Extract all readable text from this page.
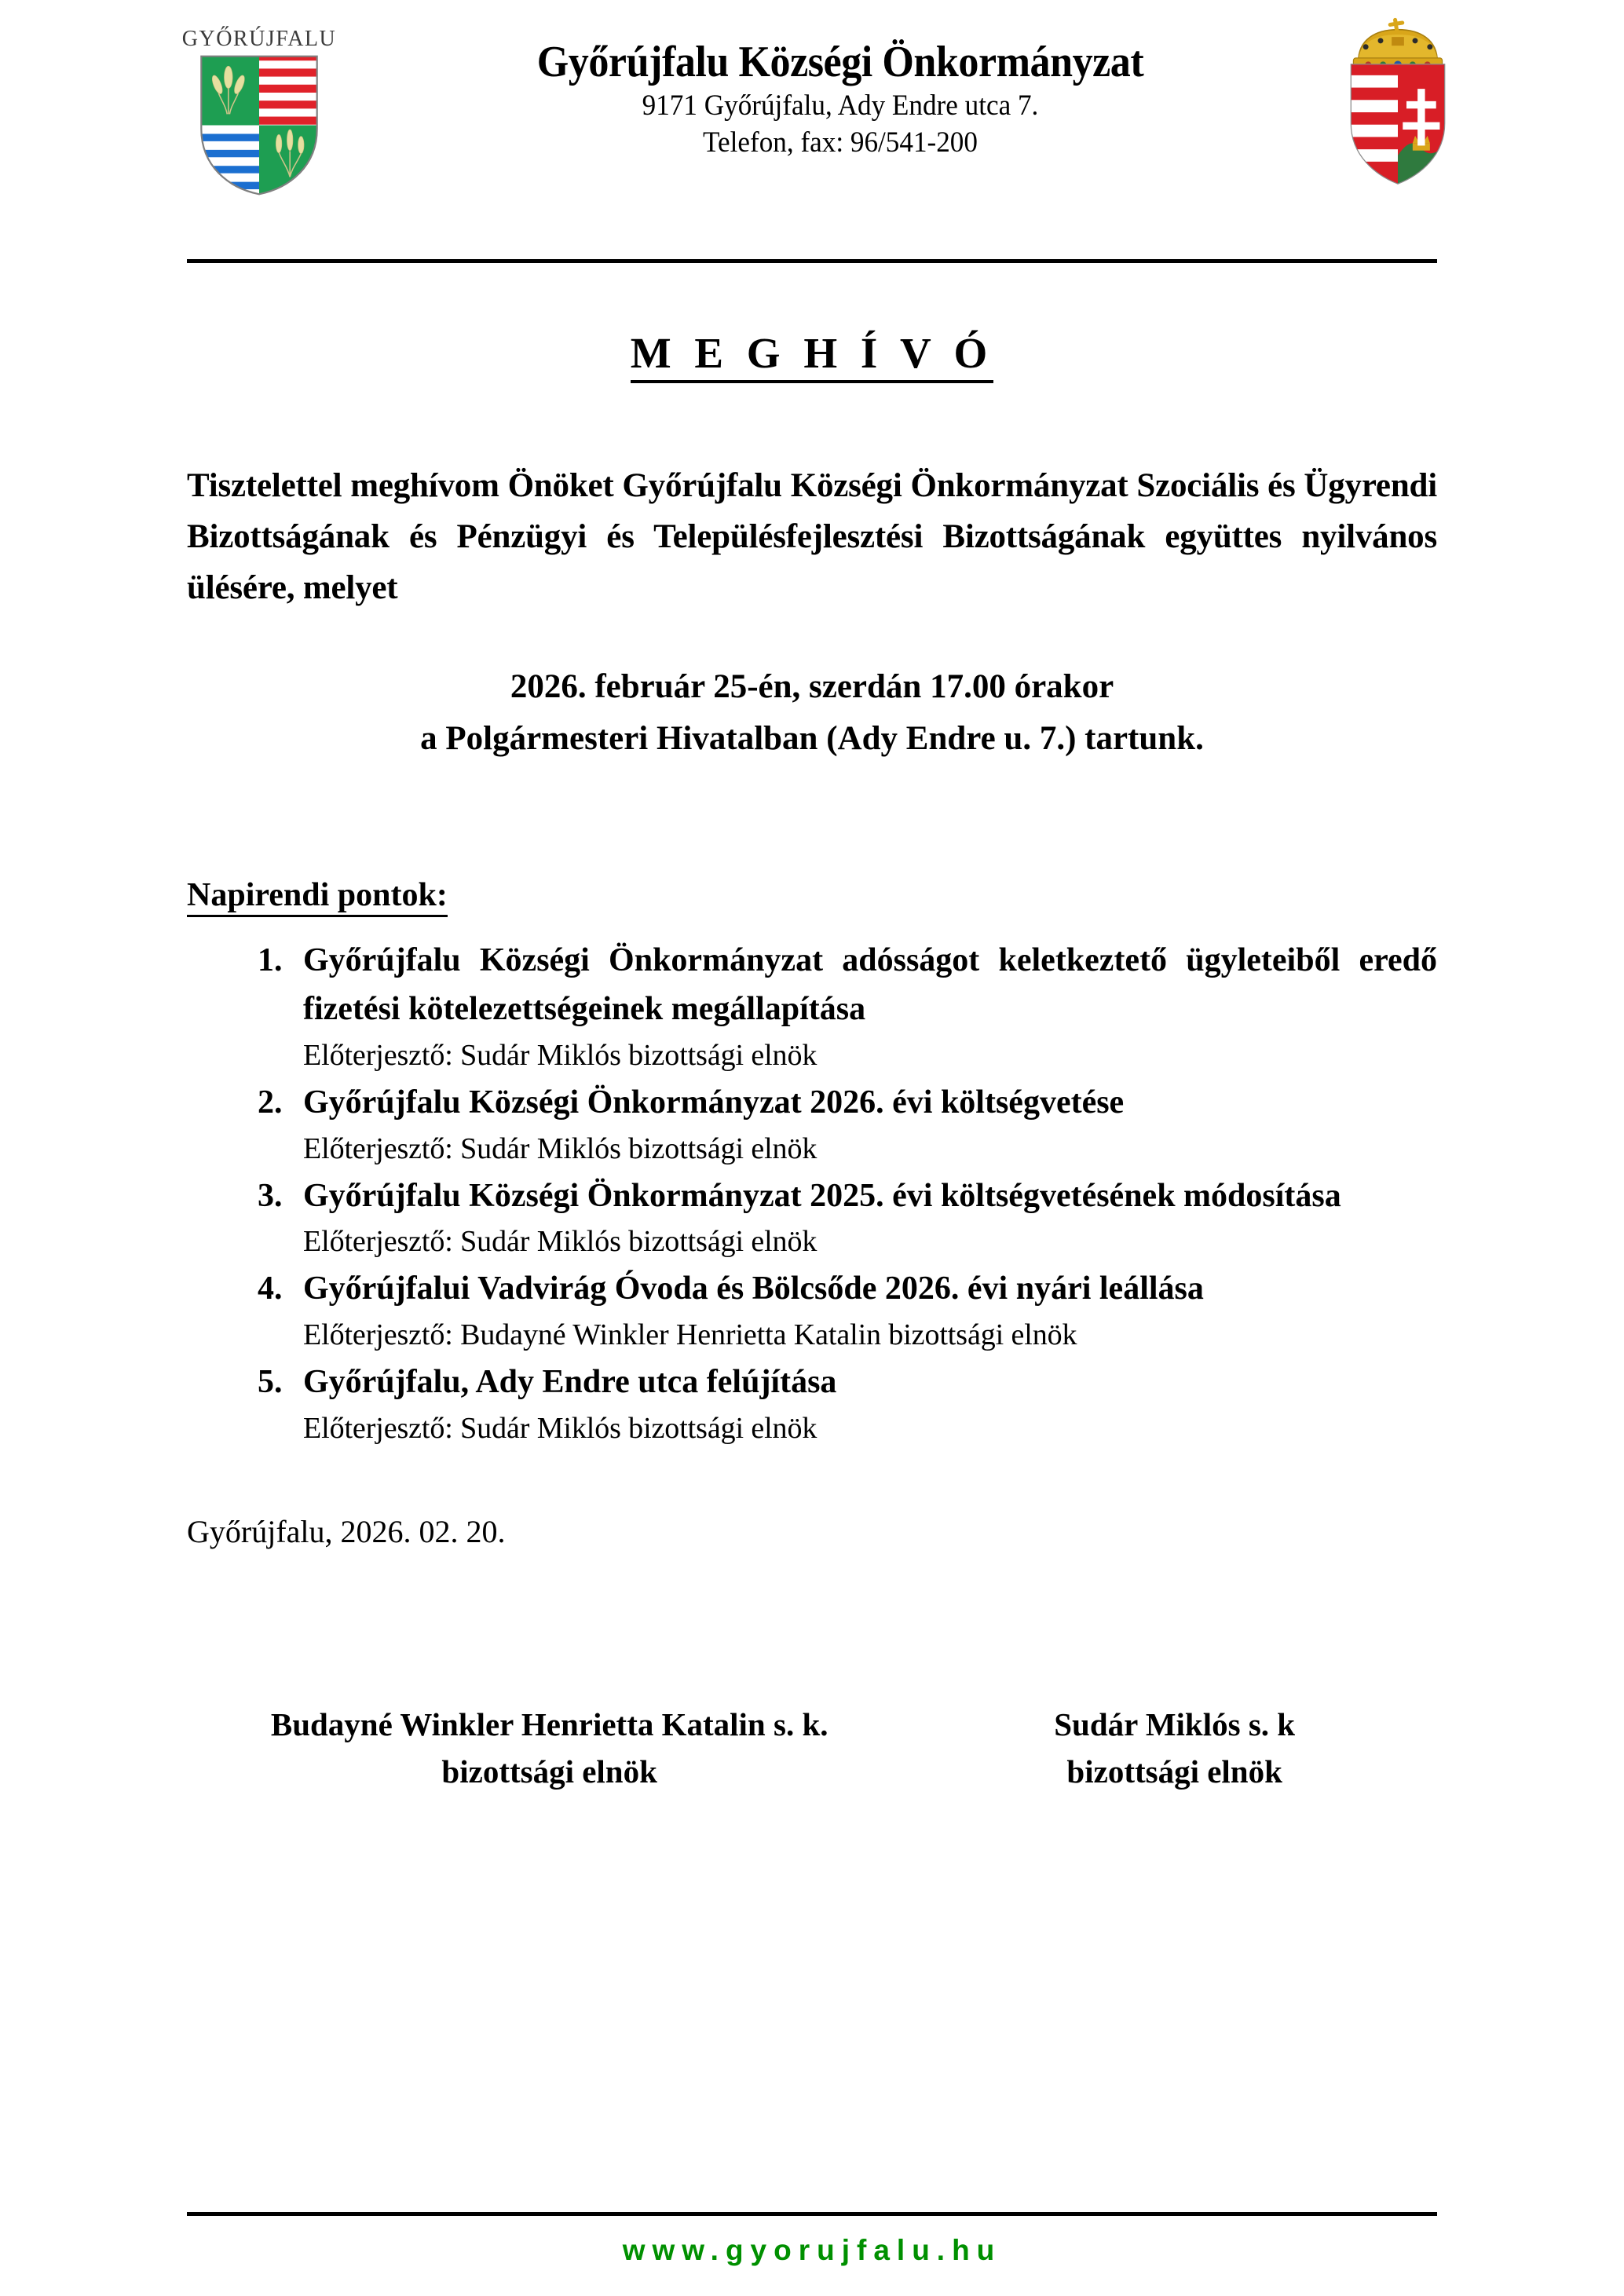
GYŐRÚJFALU	Győrújfalu Községi Önkormányzat
9171 Győrújfalu, Ady Endre utca 7.
Telefon, fax: 96/541-200
M E G H Í V Ó

Tisztelettel meghívom Önöket Győrújfalu Községi Önkormányzat Szociális és Ügyrendi Bizottságának és Pénzügyi és Településfejlesztési Bizottságának együttes nyilvános ülésére, melyet

2026. február 25-én, szerdán 17.00 órakor
a Polgármesteri Hivatalban (Ady Endre u. 7.) tartunk.
Napirendi pontok:
1. Győrújfalu Községi Önkormányzat adósságot keletkeztető ügyleteiből eredő fizetési kötelezettségeinek megállapítása
Előterjesztő: Sudár Miklós bizottsági elnök
2. Győrújfalu Községi Önkormányzat 2026. évi költségvetése
Előterjesztő: Sudár Miklós bizottsági elnök
3. Győrújfalu Községi Önkormányzat 2025. évi költségvetésének módosítása
Előterjesztő: Sudár Miklós bizottsági elnök
4. Győrújfalui Vadvirág Óvoda és Bölcsőde 2026. évi nyári leállása
Előterjesztő: Budayné Winkler Henrietta Katalin bizottsági elnök
5. Győrújfalu, Ady Endre utca felújítása
Előterjesztő: Sudár Miklós bizottsági elnök
Győrújfalu, 2026. 02. 20.
Budayné Winkler Henrietta Katalin s. k.
bizottsági elnök
Sudár Miklós s. k
bizottsági elnök
www.gyorujfalu.hu
